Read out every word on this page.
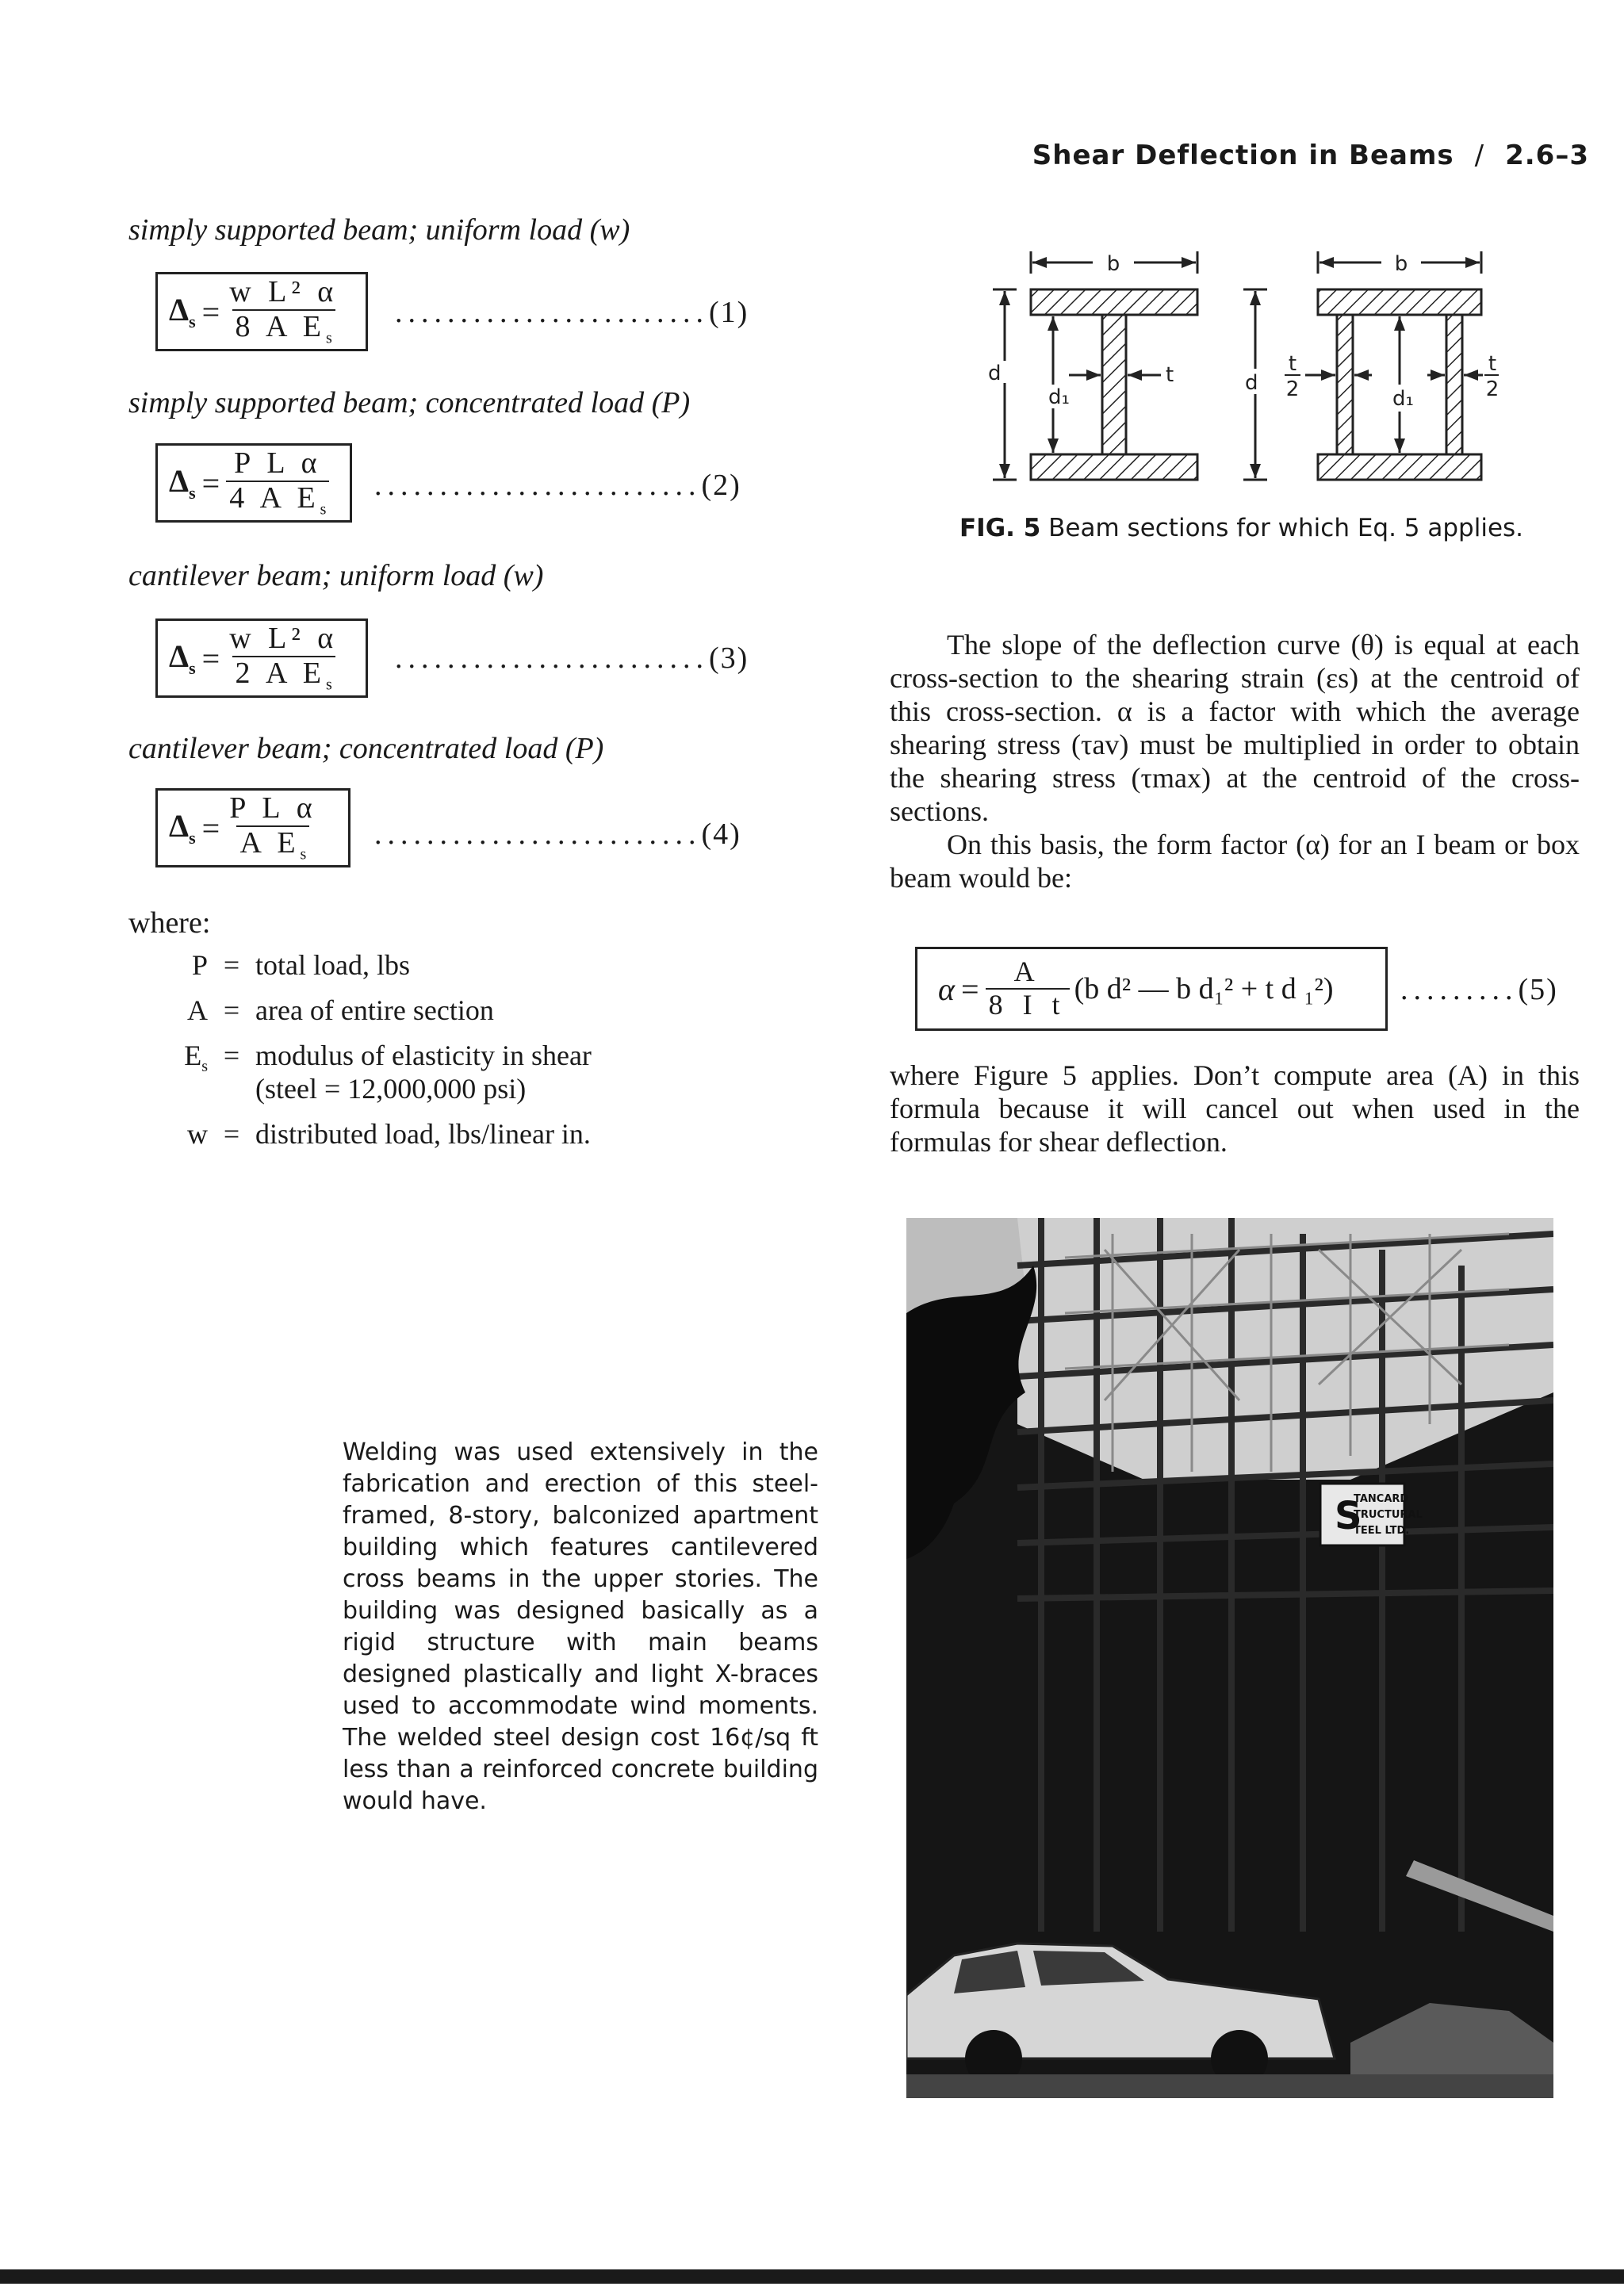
Shear Deflection in Beams / 2.6–3
simply supported beam; uniform load (w)
$\Delta_s = \frac{\text{w L² α}}{8 A E_s} ........................(1)$
simply supported beam; concentrated load (P)
$\Delta_s = \frac{\text{P L α}}{4 A E_s} .........................(2)$
cantilever beam; uniform load (w)
$\Delta_s = \frac{\text{w L² α}}{2 A E_s} ........................(3)$
cantilever beam; concentrated load (P)
$\Delta_s = \frac{\text{P L α}}{A E_s} .........................(4)$
where:
P = total load, lbs
A = area of entire section
$E_s$ = modulus of elasticity in shear
(steel = 12,000,000 psi)
w = distributed load, lbs/linear in.
b
d
d₁
t
b
d
d₁
t
2
t
2
FIG. 5 Beam sections for which Eq. 5 applies.
The slope of the deflection curve (θ) is equal at each cross-section to the shearing strain (εs) at the centroid of this cross-section. α is a factor with which the average shearing stress (τav) must be multiplied in order to obtain the shearing stress (τmax) at the centroid of the cross-sections.
On this basis, the form factor (α) for an I beam or box beam would be:
$\alpha = \frac{A}{\text{8 I t}} (b$ d² — b d₁² + t d ₁²) .........(5)
where Figure 5 applies. Don’t compute area (A) in this formula because it will cancel out when used in the formulas for shear deflection.
Welding was used extensively in the fabrication and erection of this steel-framed, 8-story, balconized apartment building which features cantilevered cross beams in the upper stories. The building was designed basically as a rigid structure with main beams designed plastically and light X-braces used to accommodate wind moments. The welded steel design cost 16¢/sq ft less than a reinforced concrete building would have.
S
TANCARD
TRUCTURAL
TEEL LTD.
